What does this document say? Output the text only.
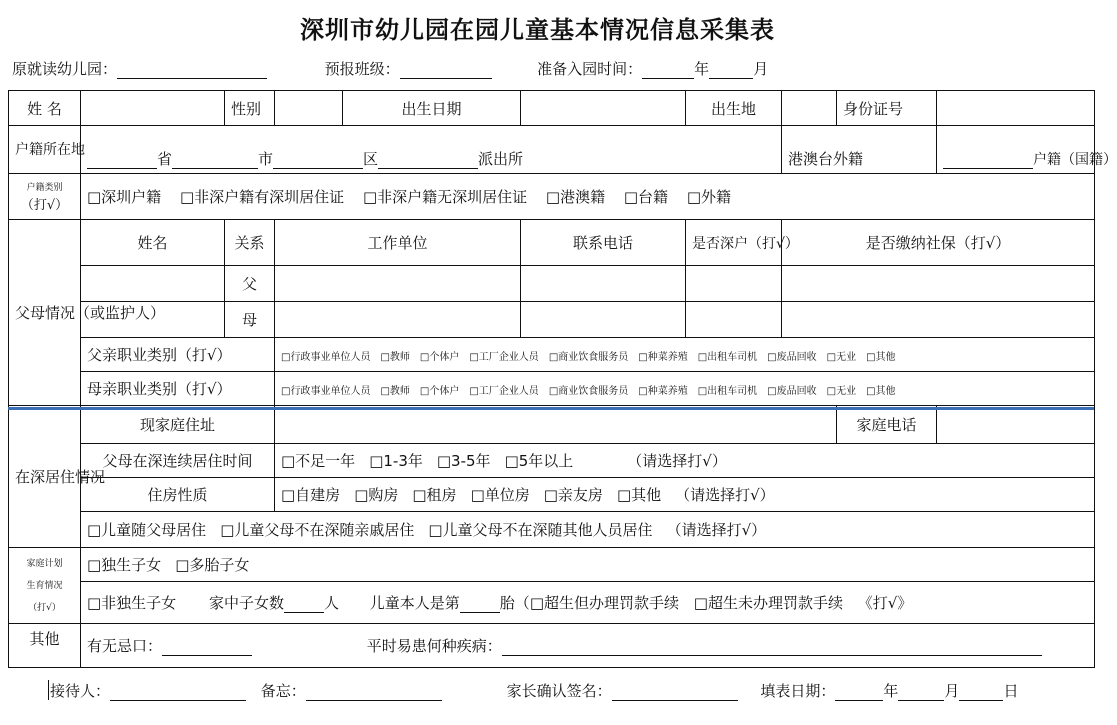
深圳市幼儿园在园儿童基本情况信息采集表
原就读幼儿园：	预报班级：	准备入园时间：	年	月
姓 名		性别		出生日期		出生地		身份证号	
户籍所在地	省 市 区 派出所						港澳台外籍		户籍（国籍）

户籍类别
（打√）	□深圳户籍 □非深户籍有深圳居住证 □非深户籍无深圳居住证 □港澳籍 □台籍 □外籍								
父母情况（或监护人）	姓名	关系	工作单位		联系电话	是否深户（打√）	是否缴纳社保（打√）		
		父							
		母							
	父亲职业类别（打√）		□行政事业单位人员 □教师 □个体户 □工厂企业人员 □商业饮食服务员 □种菜养殖 □出租车司机 □废品回收 □无业 □其他						
	母亲职业类别（打√）		□行政事业单位人员 □教师 □个体户 □工厂企业人员 □商业饮食服务员 □种菜养殖 □出租车司机 □废品回收 □无业 □其他						
在深居住情况	现家庭住址							家庭电话	
	父母在深连续居住时间		□不足一年 □1-3年 □3-5年 □5年以上 （请选择打√）						
	住房性质		□自建房 □购房 □租房 □单位房 □亲友房 □其他 （请选择打√）						
	□儿童随父母居住 □儿童父母不在深随亲戚居住 □儿童父母不在深随其他人员居住 （请选择打√）								

家庭计划
生育情况
（打√）	□独生子女 □多胎子女								
	□非独生子女 家中子女数 人 儿童本人是第 胎（□超生但办理罚款手续 □超生未办理罚款手续 《打√》								
其他	有无忌口： 平时易患何种疾病：								
接待人：	备忘：	家长确认签名：	填表日期：	年	月	日
